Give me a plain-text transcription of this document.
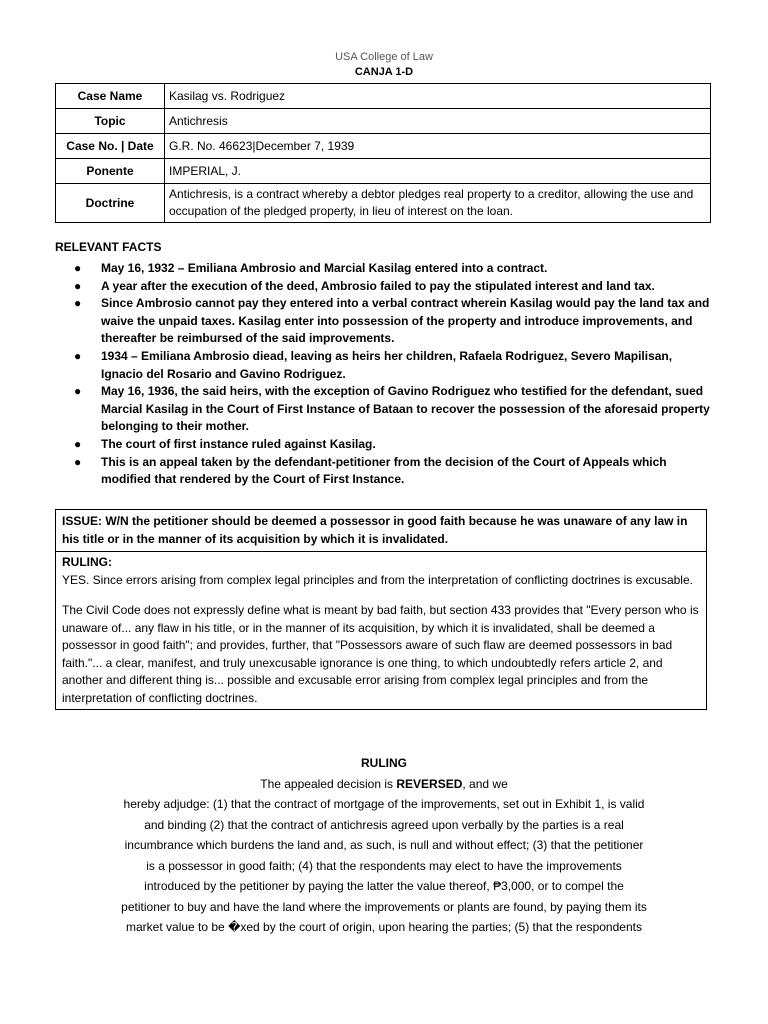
USA College of Law
CANJA 1-D
Case Name	Kasilag vs. Rodriguez
Topic	Antichresis
Case No. | Date	G.R. No. 46623|December 7, 1939
Ponente	IMPERIAL, J.
Doctrine	Antichresis, is a contract whereby a debtor pledges real property to a creditor, allowing the use and occupation of the pledged property, in lieu of interest on the loan.
RELEVANT FACTS
● May 16, 1932 – Emiliana Ambrosio and Marcial Kasilag entered into a contract.
● A year after the execution of the deed, Ambrosio failed to pay the stipulated interest and land tax.
● Since Ambrosio cannot pay they entered into a verbal contract wherein Kasilag would pay the land tax and waive the unpaid taxes. Kasilag enter into possession of the property and introduce improvements, and thereafter be reimbursed of the said improvements.
● 1934 – Emiliana Ambrosio diead, leaving as heirs her children, Rafaela Rodriguez, Severo Mapilisan, Ignacio del Rosario and Gavino Rodriguez.
● May 16, 1936, the said heirs, with the exception of Gavino Rodriguez who testified for the defendant, sued Marcial Kasilag in the Court of First Instance of Bataan to recover the possession of the aforesaid property belonging to their mother.
● The court of first instance ruled against Kasilag.
● This is an appeal taken by the defendant-petitioner from the decision of the Court of Appeals which modified that rendered by the Court of First Instance.
ISSUE: W/N the petitioner should be deemed a possessor in good faith because he was unaware of any law in his title or in the manner of its acquisition by which it is invalidated.
RULING:

YES. Since errors arising from complex legal principles and from the interpretation of conflicting doctrines is excusable.

The Civil Code does not expressly define what is meant by bad faith, but section 433 provides that "Every person who is unaware of... any flaw in his title, or in the manner of its acquisition, by which it is invalidated, shall be deemed a possessor in good faith"; and provides, further, that "Possessors aware of such flaw are deemed possessors in bad faith."... a clear, manifest, and truly unexcusable ignorance is one thing, to which undoubtedly refers article 2, and another and different thing is... possible and excusable error arising from complex legal principles and from the interpretation of conflicting doctrines.

RULING
The appealed decision is REVERSED, and we
hereby adjudge: (1) that the contract of mortgage of the improvements, set out in Exhibit 1, is valid and binding (2) that the contract of antichresis agreed upon verbally by the parties is a real incumbrance which burdens the land and, as such, is null and without effect; (3) that the petitioner is a possessor in good faith; (4) that the respondents may elect to have the improvements introduced by the petitioner by paying the latter the value thereof, ₱3,000, or to compel the petitioner to buy and have the land where the improvements or plants are found, by paying them its market value to be �xed by the court of origin, upon hearing the parties; (5) that the respondents
